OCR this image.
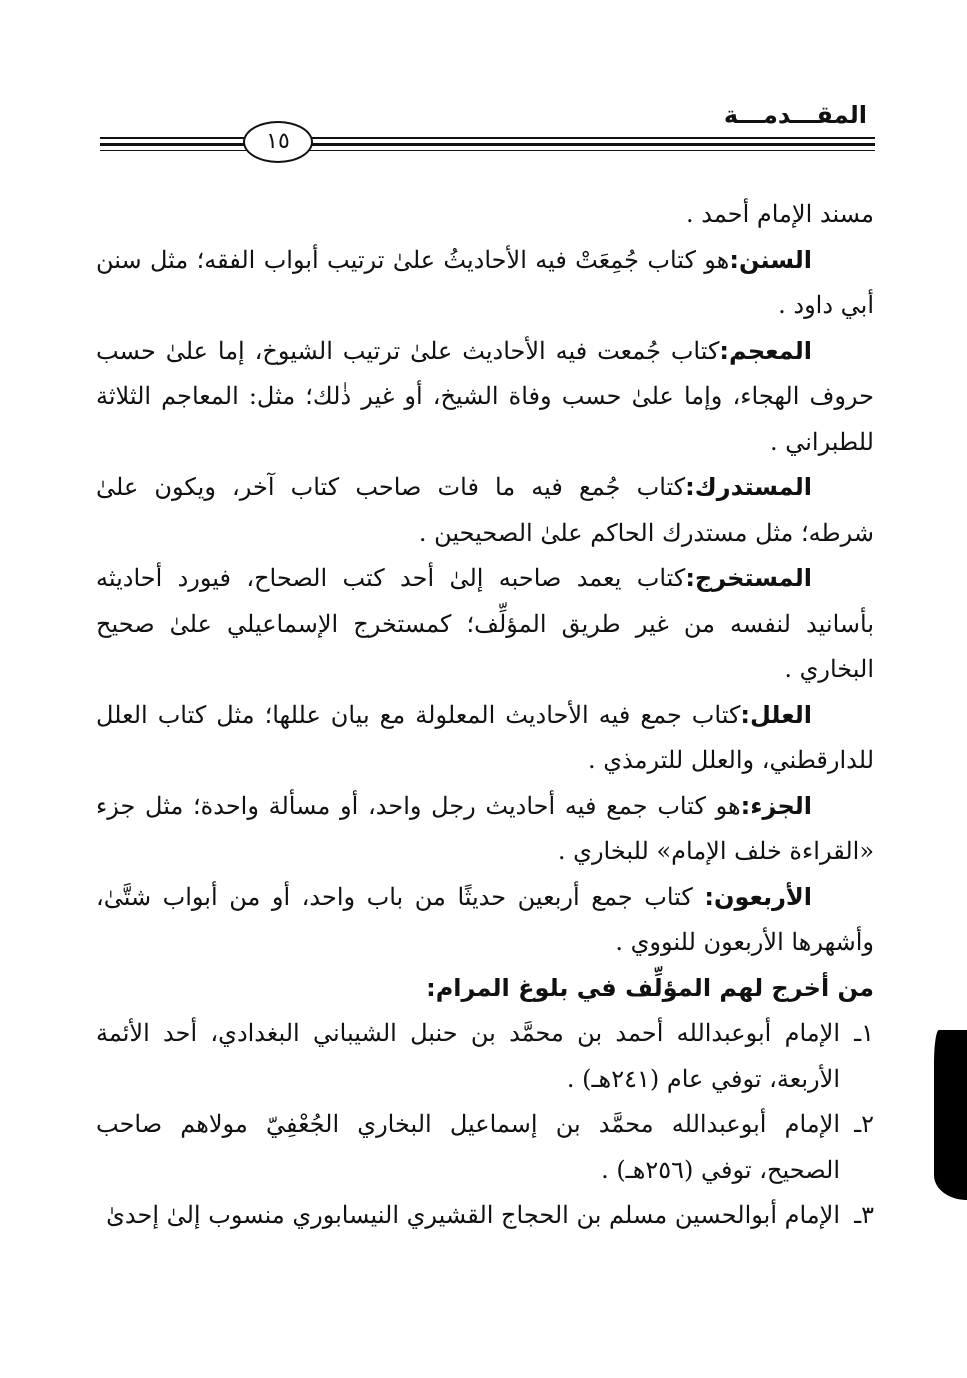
المقـــدمـــة
١٥

مسند الإمام أحمد .

السنن:هو كتاب جُمِعَتْ فيه الأحاديثُ علىٰ ترتيب أبواب الفقه؛ مثل سنن أبي داود .

المعجم:كتاب جُمعت فيه الأحاديث علىٰ ترتيب الشيوخ، إما علىٰ حسب حروف الهجاء، وإما علىٰ حسب وفاة الشيخ، أو غير ذٰلك؛ مثل: المعاجم الثلاثة للطبراني .

المستدرك:كتاب جُمع فيه ما فات صاحب كتاب آخر، ويكون علىٰ شرطه؛ مثل مستدرك الحاكم علىٰ الصحيحين .

المستخرج:كتاب يعمد صاحبه إلىٰ أحد كتب الصحاح، فيورد أحاديثه بأسانيد لنفسه من غير طريق المؤلِّف؛ كمستخرج الإسماعيلي علىٰ صحيح البخاري .

العلل:كتاب جمع فيه الأحاديث المعلولة مع بيان عللها؛ مثل كتاب العلل للدارقطني، والعلل للترمذي .

الجزء:هو كتاب جمع فيه أحاديث رجل واحد، أو مسألة واحدة؛ مثل جزء «القراءة خلف الإمام» للبخاري .

الأربعون: كتاب جمع أربعين حديثًا من باب واحد، أو من أبواب شتَّىٰ، وأشهرها الأربعون للنووي .

من أخرج لهم المؤلِّف في بلوغ المرام:

١ـ
الإمام أبوعبدالله أحمد بن محمَّد بن حنبل الشيباني البغدادي، أحد الأئمة الأربعة، توفي عام (٢٤١هـ) .

٢ـ
الإمام أبوعبدالله محمَّد بن إسماعيل البخاري الجُعْفِيّ مولاهم صاحب الصحيح، توفي (٢٥٦هـ) .

٣ـ
الإمام أبوالحسين مسلم بن الحجاج القشيري النيسابوري منسوب إلىٰ إحدىٰ
